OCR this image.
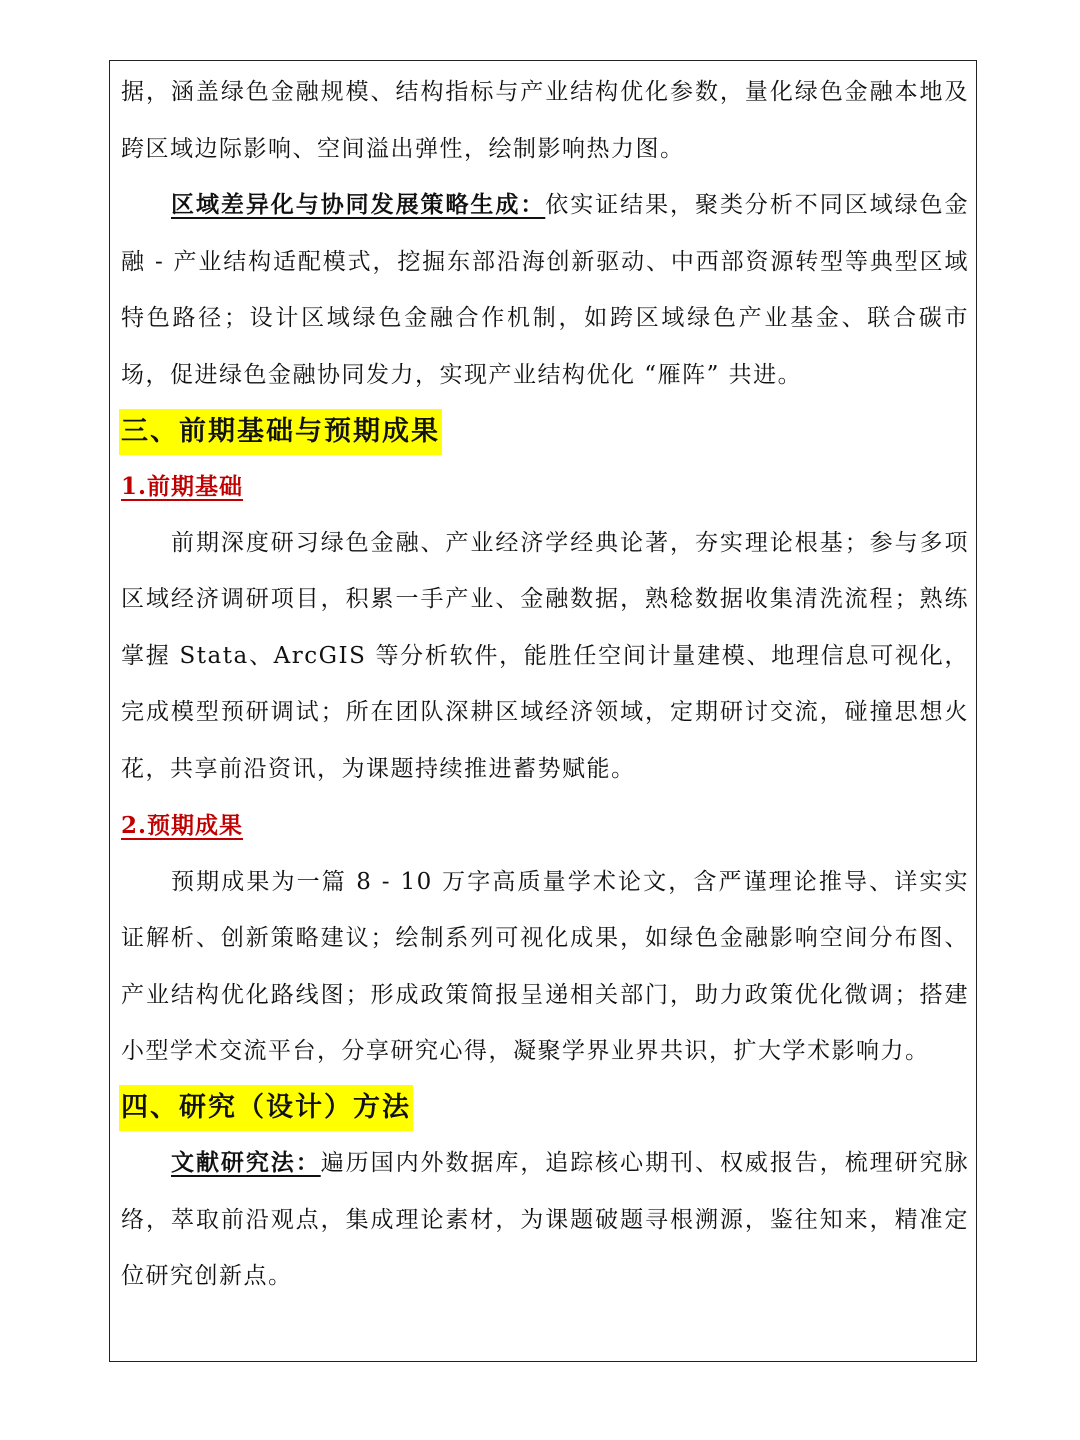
据，涵盖绿色金融规模、结构指标与产业结构优化参数，量化绿色金融本地及跨区域边际影响、空间溢出弹性，绘制影响热力图。

区域差异化与协同发展策略生成：依实证结果，聚类分析不同区域绿色金融 - 产业结构适配模式，挖掘东部沿海创新驱动、中西部资源转型等典型区域特色路径；设计区域绿色金融合作机制，如跨区域绿色产业基金、联合碳市场，促进绿色金融协同发力，实现产业结构优化 “雁阵” 共进。

三、前期基础与预期成果
1.前期基础

前期深度研习绿色金融、产业经济学经典论著，夯实理论根基；参与多项区域经济调研项目，积累一手产业、金融数据，熟稔数据收集清洗流程；熟练掌握 Stata、ArcGIS 等分析软件，能胜任空间计量建模、地理信息可视化，完成模型预研调试；所在团队深耕区域经济领域，定期研讨交流，碰撞思想火花，共享前沿资讯，为课题持续推进蓄势赋能。

2.预期成果

预期成果为一篇 8 - 10 万字高质量学术论文，含严谨理论推导、详实实证解析、创新策略建议；绘制系列可视化成果，如绿色金融影响空间分布图、产业结构优化路线图；形成政策简报呈递相关部门，助力政策优化微调；搭建小型学术交流平台，分享研究心得，凝聚学界业界共识，扩大学术影响力。

四、研究（设计）方法

文献研究法：遍历国内外数据库，追踪核心期刊、权威报告，梳理研究脉络，萃取前沿观点，集成理论素材，为课题破题寻根溯源，鉴往知来，精准定位研究创新点。
